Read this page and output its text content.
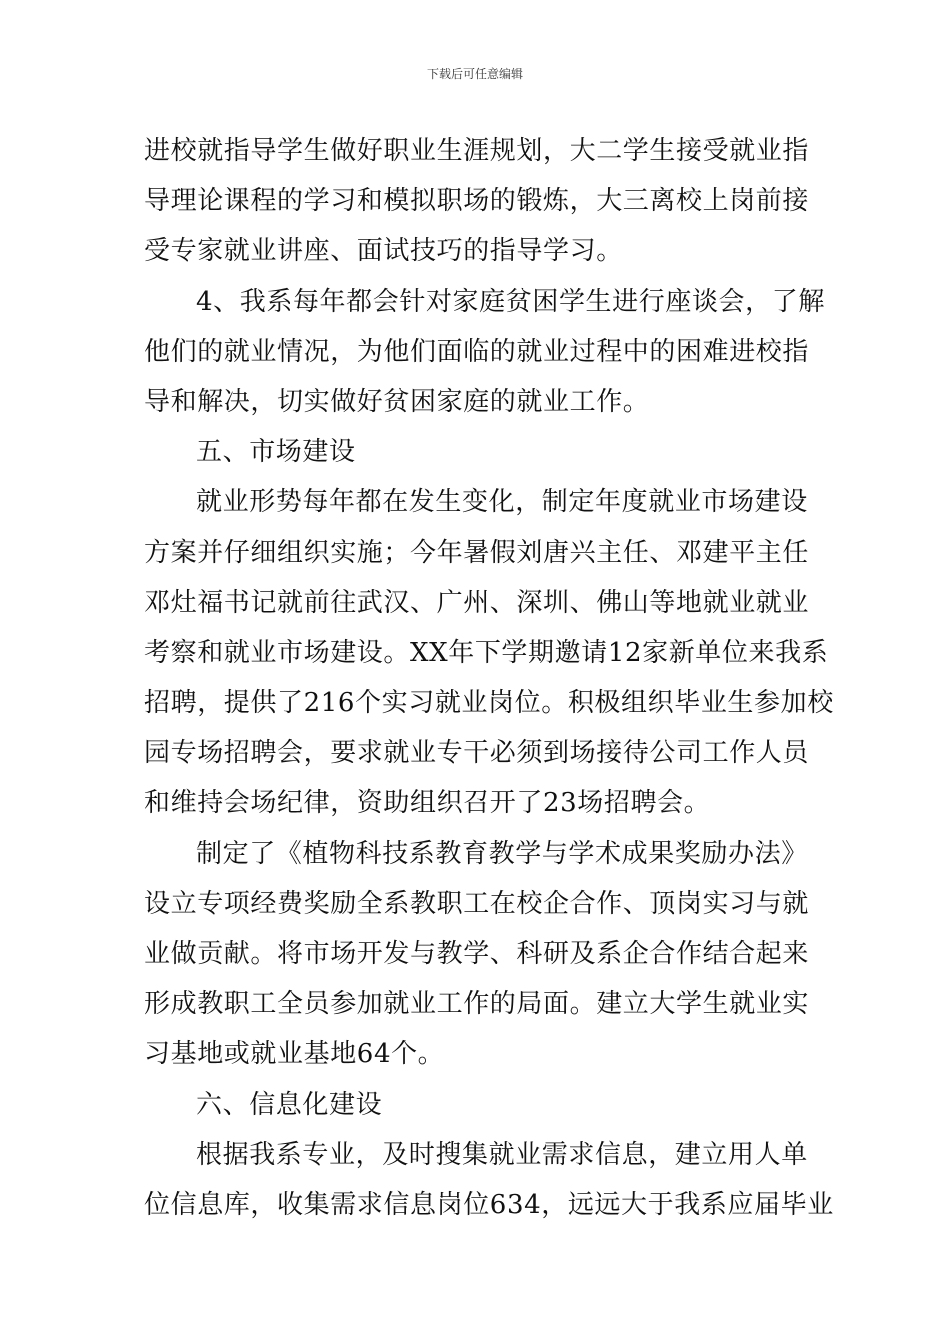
下载后可任意编辑
进校就指导学生做好职业生涯规划，大二学生接受就业指
导理论课程的学习和模拟职场的锻炼，大三离校上岗前接
受专家就业讲座、面试技巧的指导学习。
4、我系每年都会针对家庭贫困学生进行座谈会，了解
他们的就业情况，为他们面临的就业过程中的困难进校指
导和解决，切实做好贫困家庭的就业工作。
五、市场建设
就业形势每年都在发生变化，制定年度就业市场建设
方案并仔细组织实施；今年暑假刘唐兴主任、邓建平主任
邓灶福书记就前往武汉、广州、深圳、佛山等地就业就业
考察和就业市场建设。XX年下学期邀请12家新单位来我系
招聘，提供了216个实习就业岗位。积极组织毕业生参加校
园专场招聘会，要求就业专干必须到场接待公司工作人员
和维持会场纪律，资助组织召开了23场招聘会。
制定了《植物科技系教育教学与学术成果奖励办法》
设立专项经费奖励全系教职工在校企合作、顶岗实习与就
业做贡献。将市场开发与教学、科研及系企合作结合起来
形成教职工全员参加就业工作的局面。建立大学生就业实
习基地或就业基地64个。
六、信息化建设
根据我系专业，及时搜集就业需求信息，建立用人单
位信息库，收集需求信息岗位634，远远大于我系应届毕业
